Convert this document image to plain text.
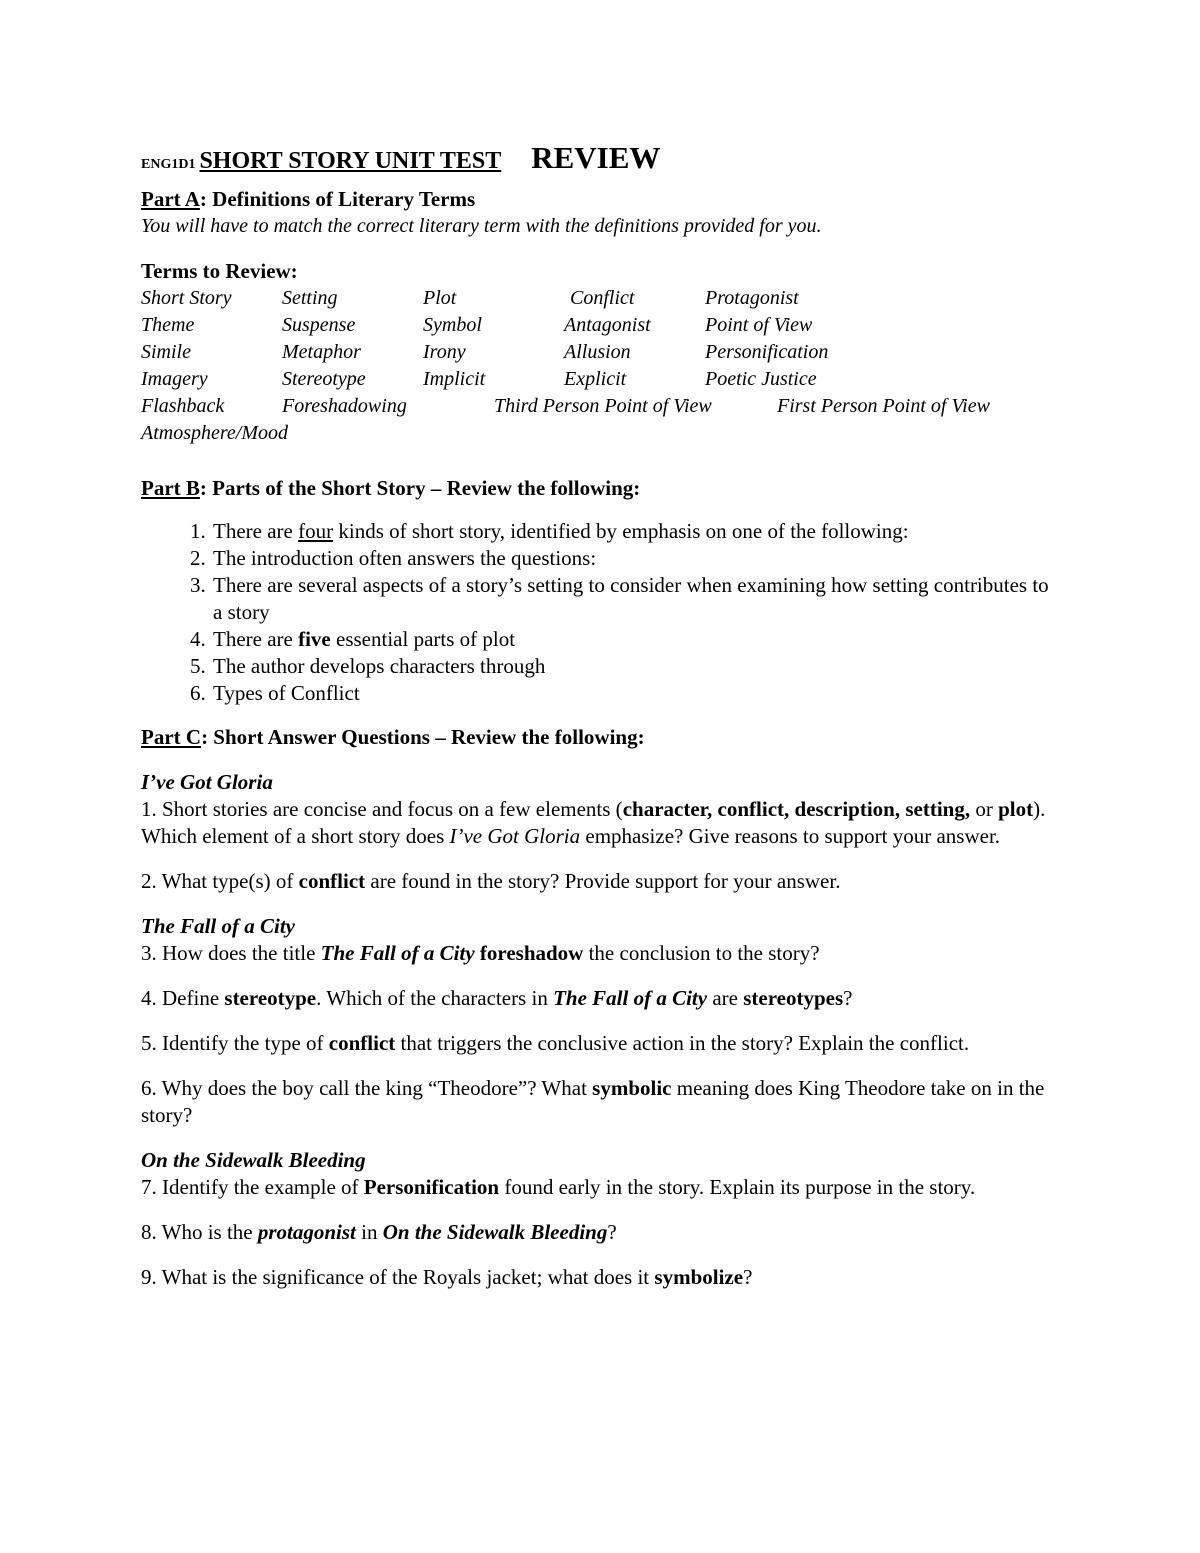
ENG1D1 SHORT STORY UNIT TEST REVIEW
Part A: Definitions of Literary Terms
You will have to match the correct literary term with the definitions provided for you.
Terms to Review:
Short Story	Setting	Plot	Conflict	Protagonist
Theme	Suspense	Symbol	Antagonist	Point of View
Simile	Metaphor	Irony	Allusion	Personification
Imagery	Stereotype	Implicit	Explicit	Poetic Justice
Flashback	Foreshadowing	Third Person Point of View	First Person Point of View
Atmosphere/Mood
Part B: Parts of the Short Story – Review the following:
1. There are four kinds of short story, identified by emphasis on one of the following:
2. The introduction often answers the questions:
3. There are several aspects of a story’s setting to consider when examining how setting contributes to a story
4. There are five essential parts of plot
5. The author develops characters through
6. Types of Conflict
Part C: Short Answer Questions – Review the following:
I’ve Got Gloria
1. Short stories are concise and focus on a few elements (character, conflict, description, setting, or plot). Which element of a short story does I’ve Got Gloria emphasize? Give reasons to support your answer.
2. What type(s) of conflict are found in the story? Provide support for your answer.
The Fall of a City
3. How does the title The Fall of a City foreshadow the conclusion to the story?
4. Define stereotype. Which of the characters in The Fall of a City are stereotypes?
5. Identify the type of conflict that triggers the conclusive action in the story? Explain the conflict.
6. Why does the boy call the king “Theodore”? What symbolic meaning does King Theodore take on in the story?
On the Sidewalk Bleeding
7. Identify the example of Personification found early in the story. Explain its purpose in the story.
8. Who is the protagonist in On the Sidewalk Bleeding?
9. What is the significance of the Royals jacket; what does it symbolize?
